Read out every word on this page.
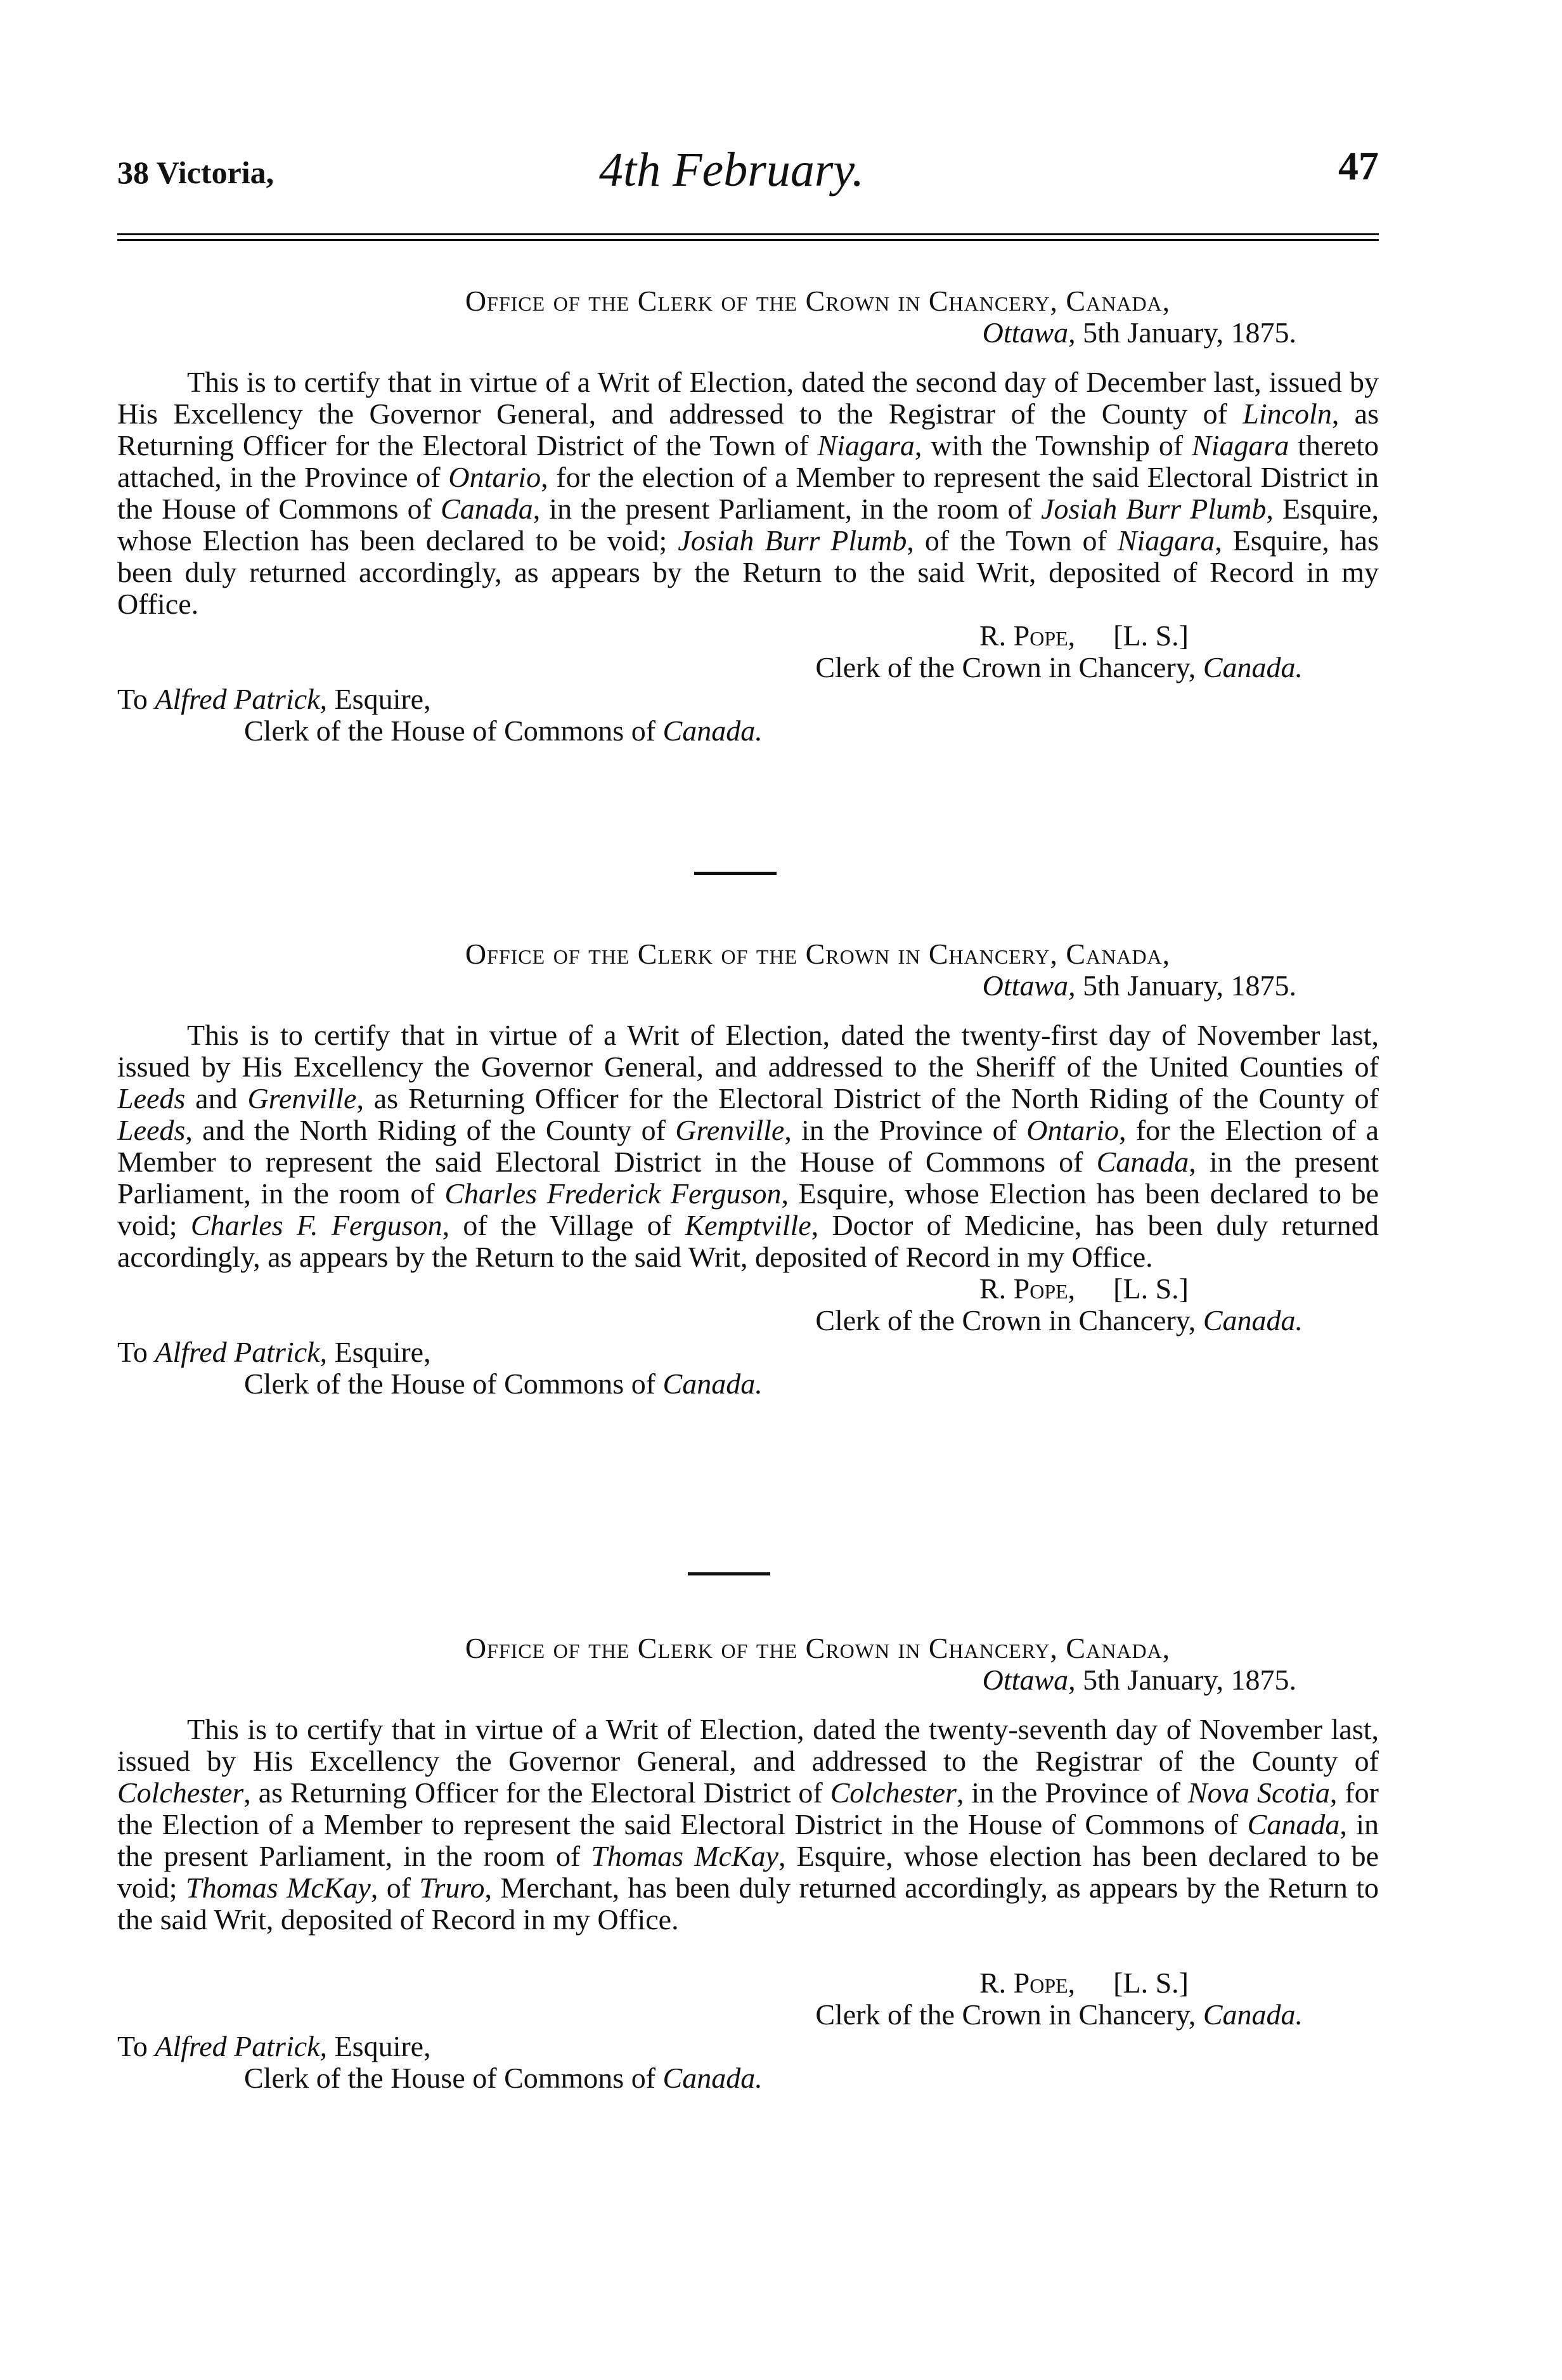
38 Victoria,	4th February.	47
Office of the Clerk of the Crown in Chancery, Canada,
Ottawa, 5th January, 1875.
This is to certify that in virtue of a Writ of Election, dated the second day of December last, issued by His Excellency the Governor General, and addressed to the Registrar of the County of Lincoln, as Returning Officer for the Electoral District of the Town of Niagara, with the Township of Niagara thereto attached, in the Province of Ontario, for the election of a Member to represent the said Electoral District in the House of Commons of Canada, in the present Parliament, in the room of Josiah Burr Plumb, Esquire, whose Election has been declared to be void; Josiah Burr Plumb, of the Town of Niagara, Esquire, has been duly returned accordingly, as appears by the Return to the said Writ, deposited of Record in my Office.
R. Pope, [L. S.]
Clerk of the Crown in Chancery, Canada.
To Alfred Patrick, Esquire,
Clerk of the House of Commons of Canada.
Office of the Clerk of the Crown in Chancery, Canada,
Ottawa, 5th January, 1875.
This is to certify that in virtue of a Writ of Election, dated the twenty-first day of November last, issued by His Excellency the Governor General, and addressed to the Sheriff of the United Counties of Leeds and Grenville, as Returning Officer for the Electoral District of the North Riding of the County of Leeds, and the North Riding of the County of Grenville, in the Province of Ontario, for the Election of a Member to represent the said Electoral District in the House of Commons of Canada, in the present Parliament, in the room of Charles Frederick Ferguson, Esquire, whose Election has been declared to be void; Charles F. Ferguson, of the Village of Kemptville, Doctor of Medicine, has been duly returned accordingly, as appears by the Return to the said Writ, deposited of Record in my Office.
R. Pope, [L. S.]
Clerk of the Crown in Chancery, Canada.
To Alfred Patrick, Esquire,
Clerk of the House of Commons of Canada.
Office of the Clerk of the Crown in Chancery, Canada,
Ottawa, 5th January, 1875.
This is to certify that in virtue of a Writ of Election, dated the twenty-seventh day of November last, issued by His Excellency the Governor General, and addressed to the Registrar of the County of Colchester, as Returning Officer for the Electoral District of Colchester, in the Province of Nova Scotia, for the Election of a Member to represent the said Electoral District in the House of Commons of Canada, in the present Parliament, in the room of Thomas McKay, Esquire, whose election has been declared to be void; Thomas McKay, of Truro, Merchant, has been duly returned accordingly, as appears by the Return to the said Writ, deposited of Record in my Office.
R. Pope, [L. S.]
Clerk of the Crown in Chancery, Canada.
To Alfred Patrick, Esquire,
Clerk of the House of Commons of Canada.
